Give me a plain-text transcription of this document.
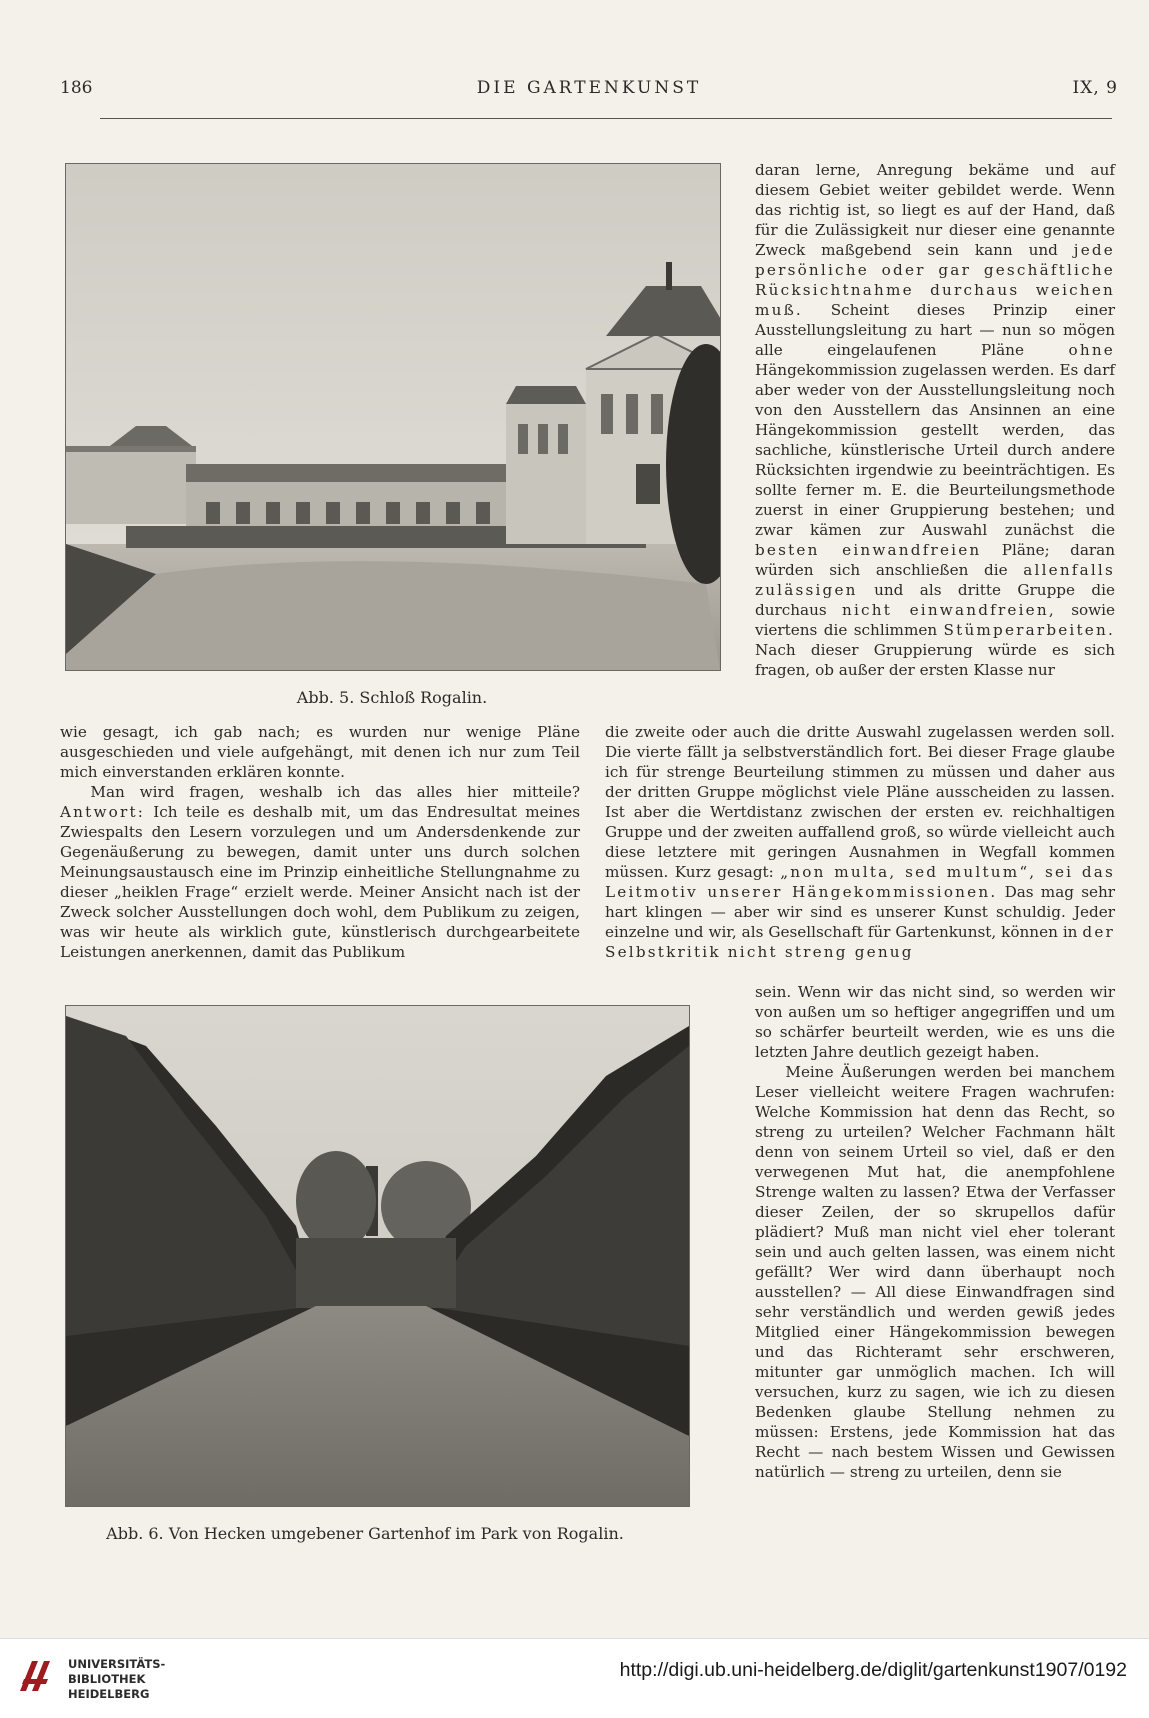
186	DIE GARTENKUNST	IX, 9
Abb. 5. Schloß Rogalin.

daran lerne, Anregung bekäme und auf diesem Gebiet weiter gebildet werde. Wenn das richtig ist, so liegt es auf der Hand, daß für die Zulässigkeit nur dieser eine genannte Zweck maßgebend sein kann und jede persönliche oder gar geschäftliche Rücksichtnahme durchaus weichen muß. Scheint dieses Prinzip einer Ausstellungsleitung zu hart — nun so mögen alle eingelaufenen Pläne	ohne Hängekommission zugelassen werden. Es darf aber weder von der Ausstellungsleitung noch von den Ausstellern das Ansinnen an eine Hängekommission gestellt werden, das sachliche, künstlerische Urteil durch andere Rücksichten irgendwie zu beeinträchtigen. Es sollte ferner m. E. die Beurteilungsmethode zuerst in einer Gruppierung bestehen; und zwar kämen zur Auswahl zunächst die besten einwandfreien Pläne; daran würden sich anschließen die allenfalls zulässigen und als dritte Gruppe die durchaus nicht einwandfreien, sowie viertens die schlimmen Stümperarbeiten. Nach dieser Gruppierung würde es sich fragen, ob außer der ersten Klasse nur

wie gesagt, ich gab nach; es wurden nur wenige Pläne ausgeschieden und viele aufgehängt, mit denen ich nur zum Teil mich einverstanden erklären konnte.

Man wird fragen, weshalb ich das alles hier mitteile? Antwort: Ich teile es deshalb mit, um das Endresultat meines Zwiespalts den Lesern vorzulegen und um Andersdenkende zur Gegenäußerung zu bewegen, damit unter uns durch solchen Meinungsaustausch eine im Prinzip einheitliche Stellungnahme zu dieser „heiklen Frage“ erzielt werde. Meiner Ansicht nach ist der Zweck solcher Ausstellungen doch wohl, dem Publikum zu zeigen, was wir heute als wirklich gute, künstlerisch durchgearbeitete Leistungen anerkennen, damit das Publikum

die zweite oder auch die dritte Auswahl zugelassen werden soll. Die vierte fällt ja selbstverständlich fort. Bei dieser Frage glaube ich für strenge Beurteilung stimmen zu müssen und daher aus der dritten Gruppe möglichst viele Pläne ausscheiden zu lassen. Ist aber die Wertdistanz zwischen der ersten ev. reichhaltigen Gruppe und der zweiten auffallend groß, so würde vielleicht auch diese letztere mit geringen Ausnahmen in Wegfall kommen müssen. Kurz gesagt: „non multa, sed multum“, sei das Leitmotiv unserer Hängekommissionen. Das mag sehr hart klingen — aber wir sind es unserer Kunst schuldig. Jeder einzelne und wir, als Gesellschaft für Gartenkunst, können in der Selbstkritik nicht streng genug

Abb. 6. Von Hecken umgebener Gartenhof im Park von Rogalin.

sein. Wenn wir das nicht sind, so werden wir von außen um so heftiger angegriffen und um so schärfer beurteilt werden, wie es uns die letzten Jahre deutlich gezeigt haben.

Meine Äußerungen werden bei manchem Leser vielleicht weitere Fragen wachrufen: Welche Kommission hat denn das Recht, so streng zu urteilen? Welcher Fachmann hält denn von seinem Urteil so viel, daß er den verwegenen Mut hat, die anempfohlene Strenge walten zu lassen? Etwa der Verfasser dieser Zeilen, der so skrupellos dafür plädiert? Muß man nicht viel eher tolerant sein und auch gelten lassen, was einem nicht gefällt? Wer wird dann überhaupt noch ausstellen? — All diese Einwandfragen sind sehr verständlich und werden gewiß jedes Mitglied einer Hängekommission bewegen und das Richteramt sehr erschweren, mitunter gar unmöglich machen. Ich will versuchen, kurz zu sagen, wie ich zu diesen Bedenken glaube Stellung nehmen zu müssen: Erstens, jede Kommission hat das Recht — nach bestem Wissen und Gewissen natürlich — streng zu urteilen, denn sie

UNIVERSITÄTS-
BIBLIOTHEK
HEIDELBERG
http://digi.ub.uni-heidelberg.de/diglit/gartenkunst1907/0192
